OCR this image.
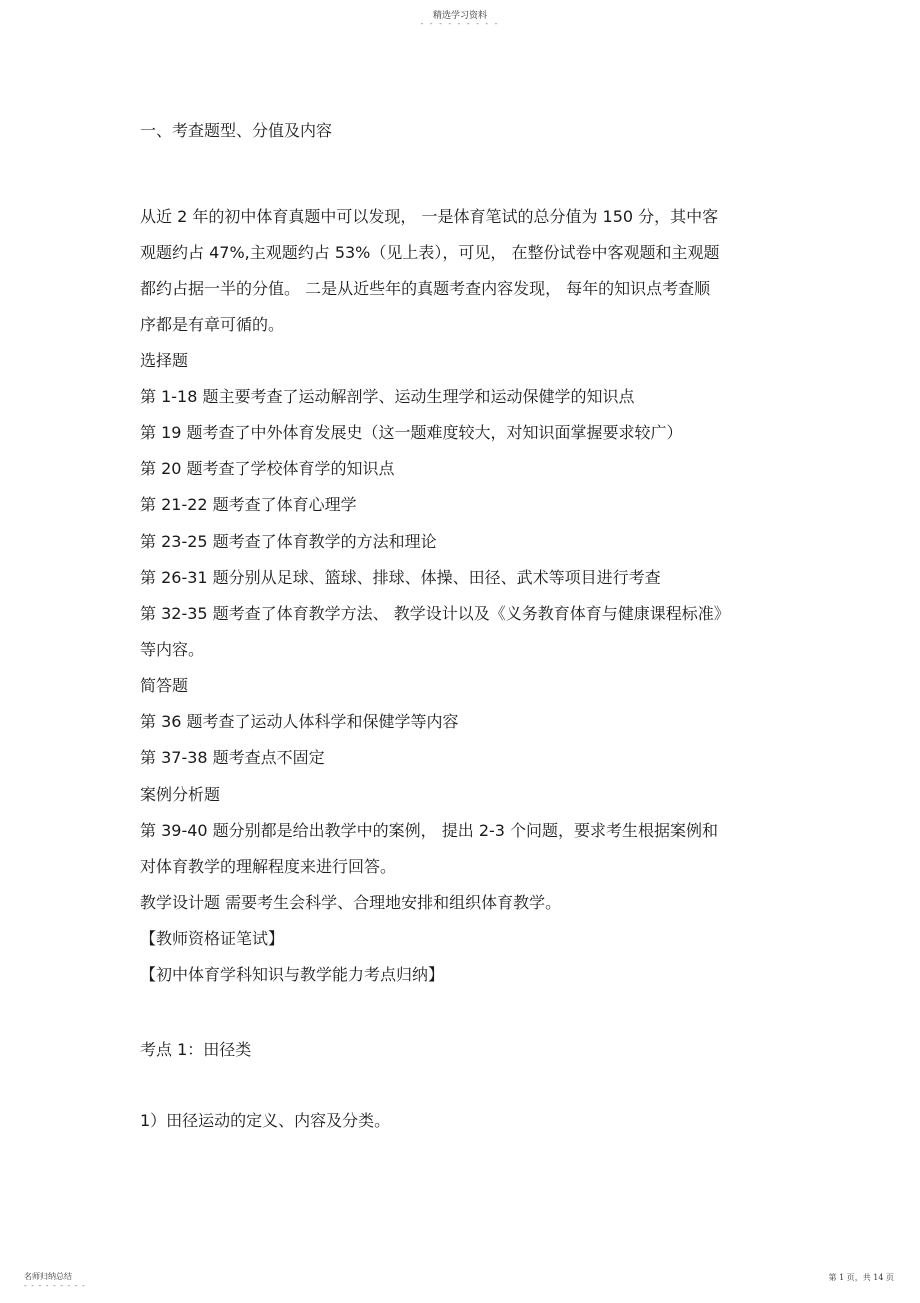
精选学习资料
- - - - - - - - -
一、考查题型、分值及内容
从近 2 年的初中体育真题中可以发现， 一是体育笔试的总分值为 150 分，其中客
观题约占 47%,主观题约占 53%（见上表），可见， 在整份试卷中客观题和主观题
都约占据一半的分值。 二是从近些年的真题考查内容发现， 每年的知识点考查顺
序都是有章可循的。
选择题
第 1-18 题主要考查了运动解剖学、运动生理学和运动保健学的知识点
第 19 题考查了中外体育发展史（这一题难度较大，对知识面掌握要求较广）
第 20 题考查了学校体育学的知识点
第 21-22 题考查了体育心理学
第 23-25 题考查了体育教学的方法和理论
第 26-31 题分别从足球、篮球、排球、体操、田径、武术等项目进行考查
第 32-35 题考查了体育教学方法、 教学设计以及《义务教育体育与健康课程标准》
等内容。
简答题
第 36 题考查了运动人体科学和保健学等内容
第 37-38 题考查点不固定
案例分析题
第 39-40 题分别都是给出教学中的案例， 提出 2-3 个问题，要求考生根据案例和
对体育教学的理解程度来进行回答。
教学设计题 需要考生会科学、合理地安排和组织体育教学。
【教师资格证笔试】
【初中体育学科知识与教学能力考点归纳】
考点 1：田径类
1）田径运动的定义、内容及分类。
名师归纳总结
- - - - - - - - -
第 1 页，共 14 页
